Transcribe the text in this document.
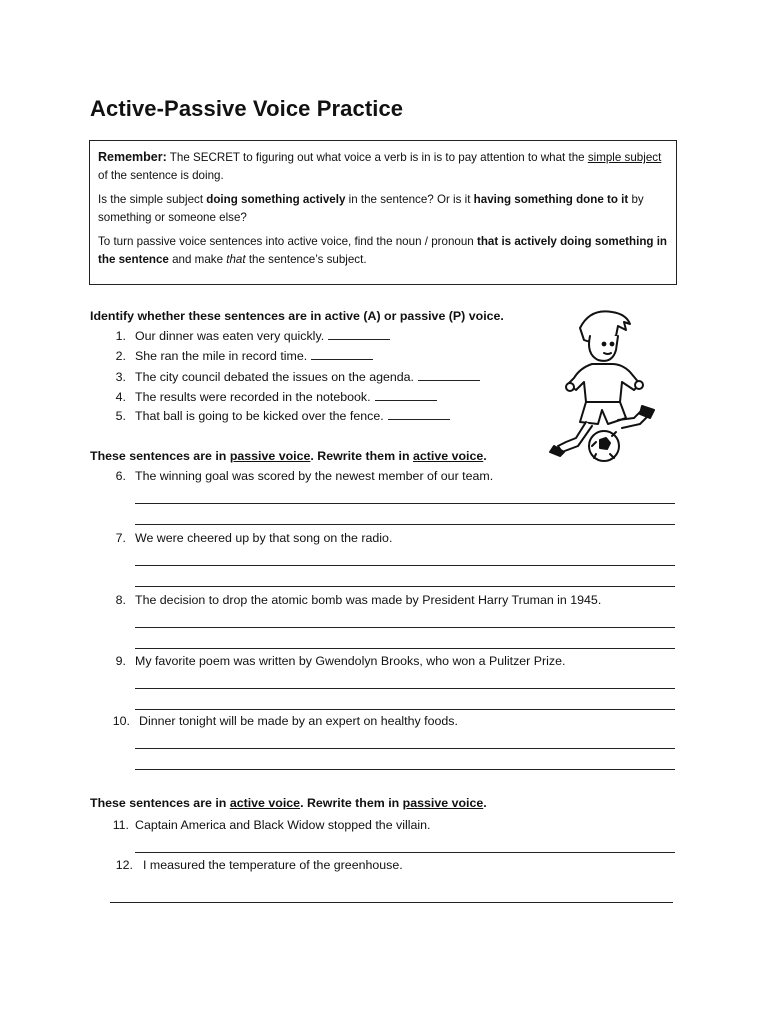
Active-Passive Voice Practice

Remember: The SECRET to figuring out what voice a verb is in is to pay attention to what the simple subject of the sentence is doing.

Is the simple subject doing something actively in the sentence? Or is it having something done to it by something or someone else?

To turn passive voice sentences into active voice, find the noun / pronoun that is actively doing something in the sentence and make that the sentence’s subject.

Identify whether these sentences are in active (A) or passive (P) voice.
1. Our dinner was eaten very quickly.
2. She ran the mile in record time.
3. The city council debated the issues on the agenda.
4. The results were recorded in the notebook.
5. That ball is going to be kicked over the fence.
These sentences are in passive voice. Rewrite them in active voice.
6. The winning goal was scored by the newest member of our team.
7. We were cheered up by that song on the radio.
8. The decision to drop the atomic bomb was made by President Harry Truman in 1945.
9. My favorite poem was written by Gwendolyn Brooks, who won a Pulitzer Prize.
10. Dinner tonight will be made by an expert on healthy foods.
These sentences are in active voice. Rewrite them in passive voice.
11. Captain America and Black Widow stopped the villain.
12. I measured the temperature of the greenhouse.
